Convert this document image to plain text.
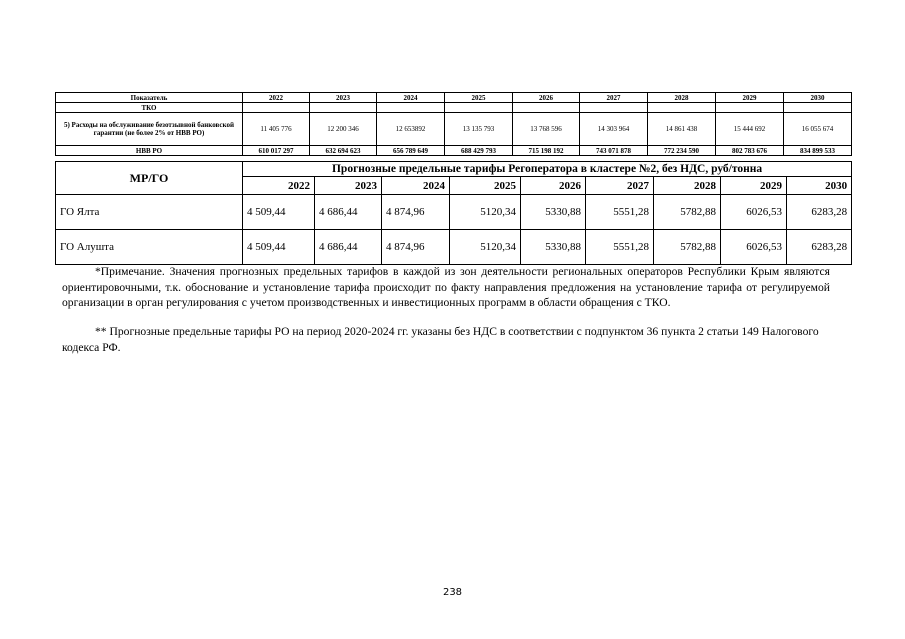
Показатель	2022	2023	2024	2025	2026	2027	2028	2029	2030
ТКО									
5) Расходы на обслуживание безотзывной банковской гарантии (не более 2% от НВВ РО)	11 405 776	12 200 346	12 653892	13 135 793	13 768 596	14 303 964	14 861 438	15 444 692	16 055 674
НВВ РО	610 017 297	632 694 623	656 789 649	688 429 793	715 198 192	743 071 878	772 234 590	802 783 676	834 899 533
МР/ГО	Прогнозные предельные тарифы Регоператора в кластере №2, без НДС, руб/тонна								
	2022	2023	2024	2025	2026	2027	2028	2029	2030
ГО Ялта	4 509,44	4 686,44	4 874,96	5120,34	5330,88	5551,28	5782,88	6026,53	6283,28
ГО Алушта	4 509,44	4 686,44	4 874,96	5120,34	5330,88	5551,28	5782,88	6026,53	6283,28

*Примечание. Значения прогнозных предельных тарифов в каждой из зон деятельности региональных операторов Республики Крым являются ориентировочными, т.к. обоснование и установление тарифа происходит по факту направления предложения на установление тарифа от регулируемой организации в орган регулирования с учетом производственных и инвестиционных программ в области обращения с ТКО.

** Прогнозные предельные тарифы РО на период 2020-2024 гг. указаны без НДС в соответствии с подпунктом 36 пункта 2 статьи 149 Налогового кодекса РФ.

238
